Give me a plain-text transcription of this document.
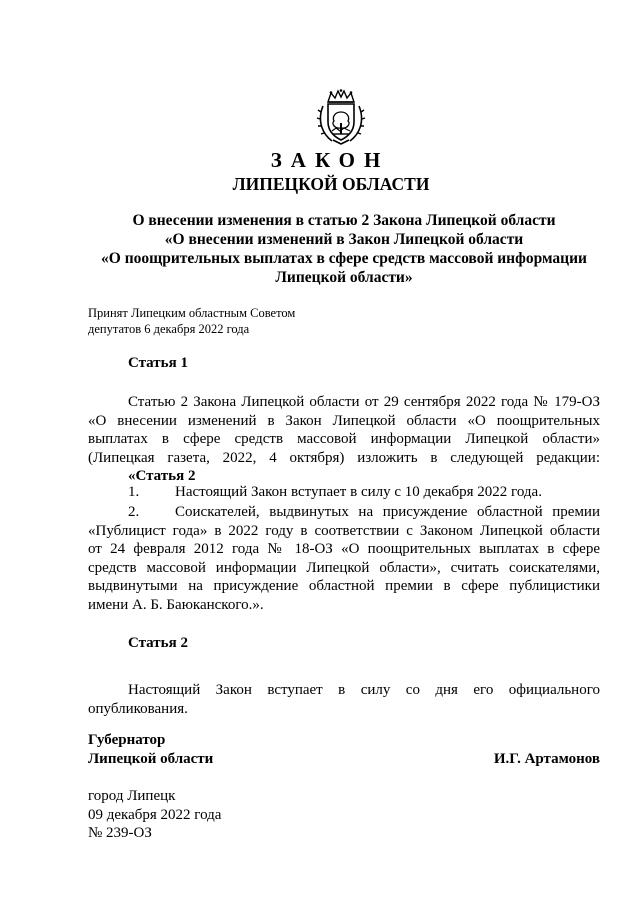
ЗАКОН
ЛИПЕЦКОЙ ОБЛАСТИ
О внесении изменения в статью 2 Закона Липецкой области
«О внесении изменений в Закон Липецкой области
«О поощрительных выплатах в сфере средств массовой информации
Липецкой области»
Принят Липецким областным Советом
депутатов 6 декабря 2022 года
Статья 1
Статью 2 Закона Липецкой области от 29 сентября 2022 года № 179-ОЗ
«О внесении изменений в Закон Липецкой области «О поощрительных
выплатах в сфере средств массовой информации Липецкой области»
(Липецкая газета, 2022, 4 октября) изложить в следующей редакции:
«Статья 2
1. Настоящий Закон вступает в силу с 10 декабря 2022 года.
2. Соискателей, выдвинутых на присуждение областной премии
«Публицист года» в 2022 году в соответствии с Законом Липецкой области
от 24 февраля 2012 года № 18-ОЗ «О поощрительных выплатах в сфере
средств массовой информации Липецкой области», считать соискателями,
выдвинутыми на присуждение областной премии в сфере публицистики
имени А. Б. Баюканского.».
Статья 2
Настоящий Закон вступает в силу со дня его официального
опубликования.
Губернатор
Липецкой области	И.Г. Артамонов
город Липецк
09 декабря 2022 года
№ 239-ОЗ
